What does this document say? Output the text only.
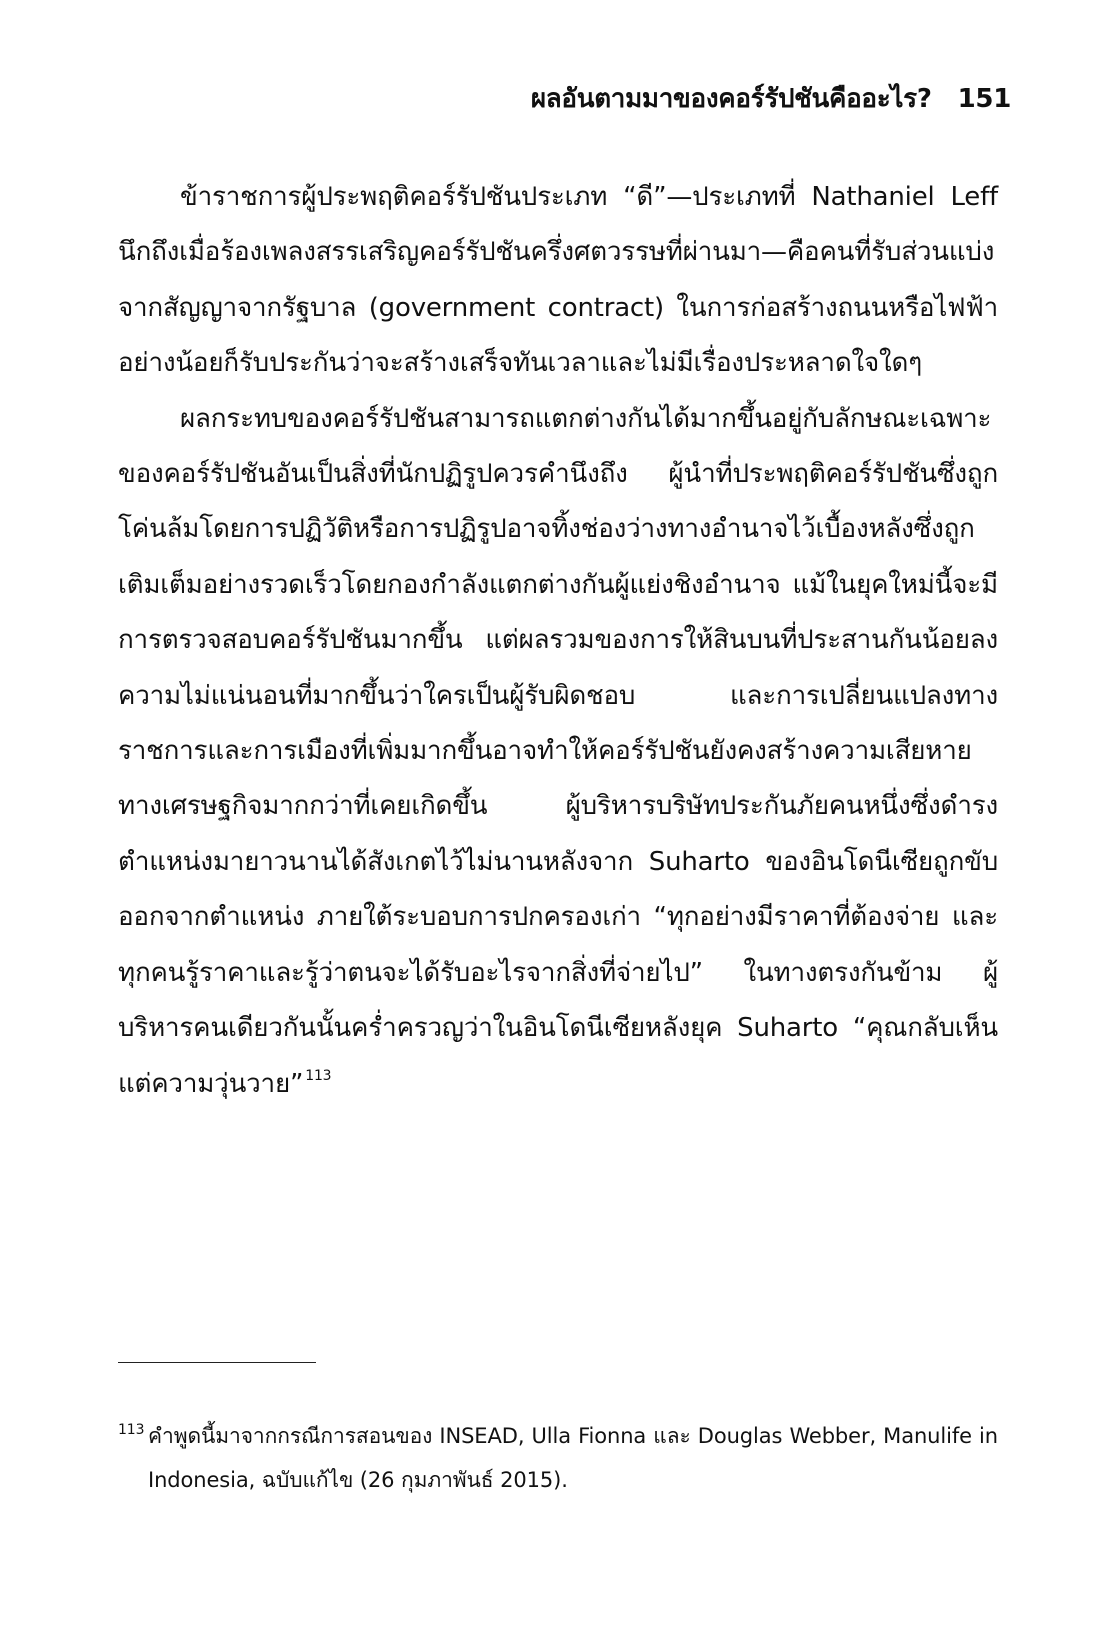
ผลอันตามมาของคอร์รัปชันคืออะไร? 151

ข้าราชการผู้ประพฤติคอร์รัปชันประเภท “ดี”—ประเภทที่ Nathaniel Leff นึกถึงเมื่อร้องเพลงสรรเสริญคอร์รัปชันครึ่งศตวรรษที่ผ่านมา—คือคนที่รับส่วนแบ่งจากสัญญาจากรัฐบาล (government contract) ในการก่อสร้างถนนหรือไฟฟ้า อย่างน้อยก็รับประกันว่าจะสร้างเสร็จทันเวลาและไม่มีเรื่องประหลาดใจใดๆ

ผลกระทบของคอร์รัปชันสามารถแตกต่างกันได้มากขึ้นอยู่กับลักษณะเฉพาะของคอร์รัปชันอันเป็นสิ่งที่นักปฏิรูปควรคำนึงถึง ผู้นำที่ประพฤติคอร์รัปชันซึ่งถูกโค่นล้มโดยการปฏิวัติหรือการปฏิรูปอาจทิ้งช่องว่างทางอำนาจไว้เบื้องหลังซึ่งถูกเติมเต็มอย่างรวดเร็วโดยกองกำลังแตกต่างกันผู้แย่งชิงอำนาจ แม้ในยุคใหม่นี้จะมีการตรวจสอบคอร์รัปชันมากขึ้น แต่ผลรวมของการให้สินบนที่ประสานกันน้อยลง ความไม่แน่นอนที่มากขึ้นว่าใครเป็นผู้รับผิดชอบ และการเปลี่ยนแปลงทางราชการและการเมืองที่เพิ่มมากขึ้นอาจทำให้คอร์รัปชันยังคงสร้างความเสียหายทางเศรษฐกิจมากกว่าที่เคยเกิดขึ้น ผู้บริหารบริษัทประกันภัยคนหนึ่งซึ่งดำรงตำแหน่งมายาวนานได้สังเกตไว้ไม่นานหลังจาก Suharto ของอินโดนีเซียถูกขับออกจากตำแหน่ง ภายใต้ระบอบการปกครองเก่า “ทุกอย่างมีราคาที่ต้องจ่าย และทุกคนรู้ราคาและรู้ว่าตนจะได้รับอะไรจากสิ่งที่จ่ายไป” ในทางตรงกันข้าม ผู้บริหารคนเดียวกันนั้นคร่ำครวญว่าในอินโดนีเซียหลังยุค Suharto “คุณกลับเห็นแต่ความวุ่นวาย” $^{113}$

113 คำพูดนี้มาจากกรณีการสอนของ INSEAD, Ulla Fionna และ Douglas Webber, Manulife in Indonesia, ฉบับแก้ไข (26 กุมภาพันธ์ 2015).
